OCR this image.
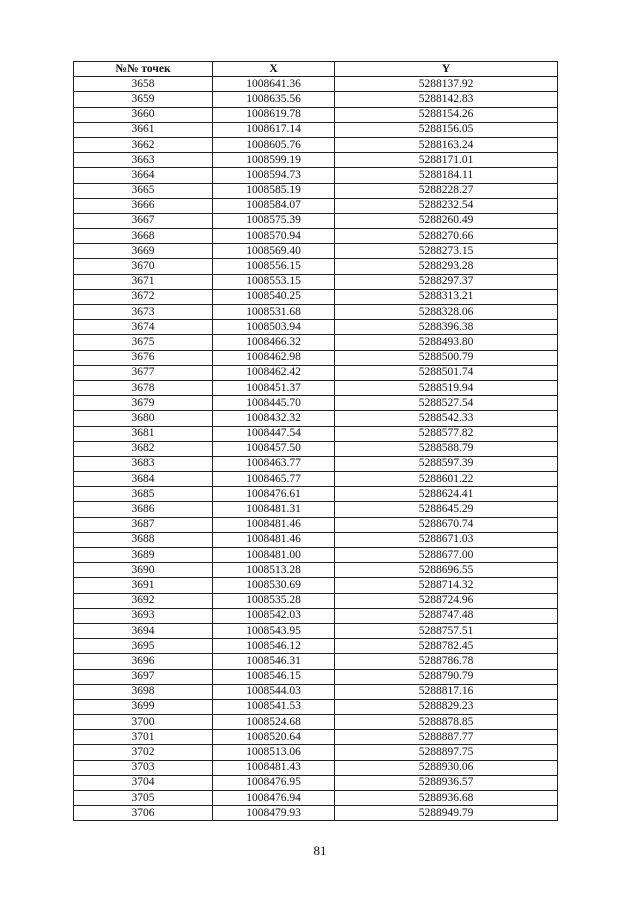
№№ точек	X	Y
3658	1008641.36	5288137.92
3659	1008635.56	5288142.83
3660	1008619.78	5288154.26
3661	1008617.14	5288156.05
3662	1008605.76	5288163.24
3663	1008599.19	5288171.01
3664	1008594.73	5288184.11
3665	1008585.19	5288228.27
3666	1008584.07	5288232.54
3667	1008575.39	5288260.49
3668	1008570.94	5288270.66
3669	1008569.40	5288273.15
3670	1008556.15	5288293.28
3671	1008553.15	5288297.37
3672	1008540.25	5288313.21
3673	1008531.68	5288328.06
3674	1008503.94	5288396.38
3675	1008466.32	5288493.80
3676	1008462.98	5288500.79
3677	1008462.42	5288501.74
3678	1008451.37	5288519.94
3679	1008445.70	5288527.54
3680	1008432.32	5288542.33
3681	1008447.54	5288577.82
3682	1008457.50	5288588.79
3683	1008463.77	5288597.39
3684	1008465.77	5288601.22
3685	1008476.61	5288624.41
3686	1008481.31	5288645.29
3687	1008481.46	5288670.74
3688	1008481.46	5288671.03
3689	1008481.00	5288677.00
3690	1008513.28	5288696.55
3691	1008530.69	5288714.32
3692	1008535.28	5288724.96
3693	1008542.03	5288747.48
3694	1008543.95	5288757.51
3695	1008546.12	5288782.45
3696	1008546.31	5288786.78
3697	1008546.15	5288790.79
3698	1008544.03	5288817.16
3699	1008541.53	5288829.23
3700	1008524.68	5288878.85
3701	1008520.64	5288887.77
3702	1008513.06	5288897.75
3703	1008481.43	5288930.06
3704	1008476.95	5288936.57
3705	1008476.94	5288936.68
3706	1008479.93	5288949.79
81
